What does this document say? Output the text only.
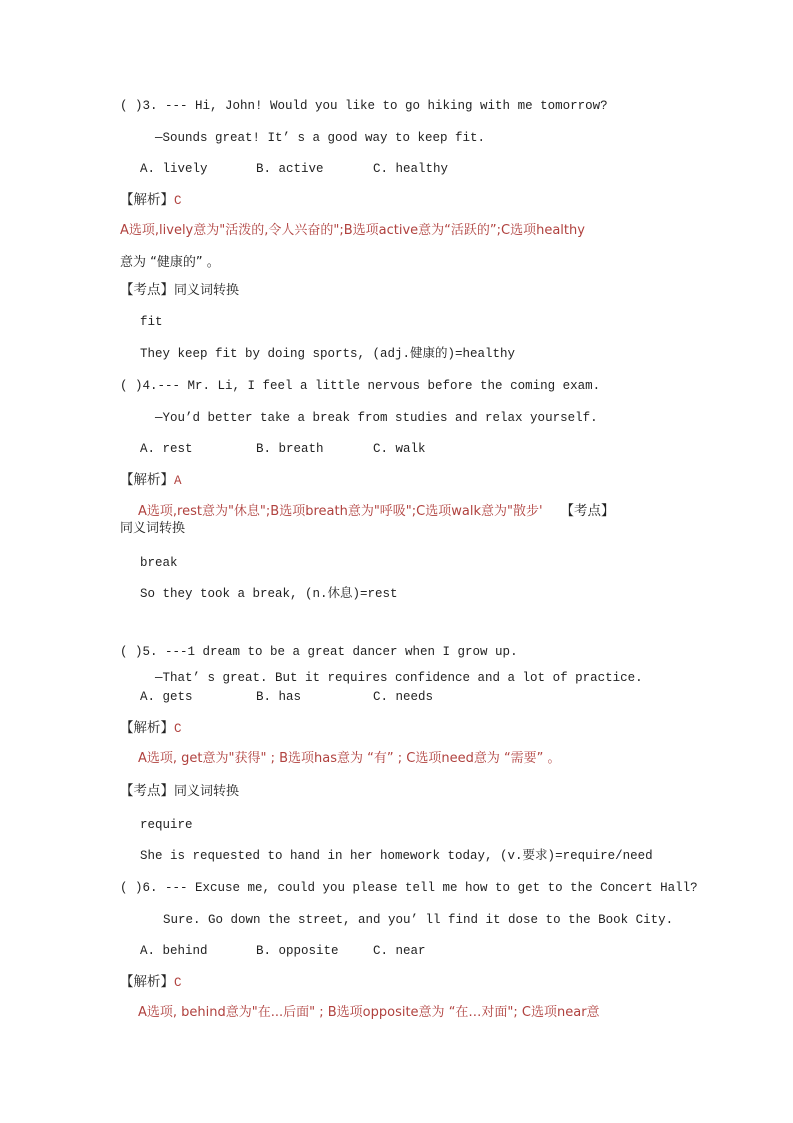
( )3. --- Hi, John! Would you like to go hiking with me tomorrow?
—Sounds great! It’ s a good way to keep fit.
A. lively	B. active	C. healthy
【解析】C
A选项,lively意为"活泼的,令人兴奋的";B选项active意为“活跃的”;C选项healthy
意为 “健康的” 。
【考点】同义词转换
fit
They keep fit by doing sports, (adj.健康的)=healthy
( )4.--- Mr. Li, I feel a little nervous before the coming exam.
—You’d better take a break from studies and relax yourself.
A. rest	B. breath	C. walk
【解析】A
A选项,rest意为"休息";B选项breath意为"呼吸";C选项walk意为"散步' 【考点】
同义词转换
break
So they took a break, (n.休息)=rest
( )5. ---1 dream to be a great dancer when I grow up.
—That’ s great. But it requires confidence and a lot of practice.
A. gets	B. has	C. needs
【解析】C
A选项, get意为"获得" ; B选项has意为 “有” ; C选项need意为 “需要” 。
【考点】同义词转换
require
She is requested to hand in her homework today, (v.要求)=require/need
( )6. --- Excuse me, could you please tell me how to get to the Concert Hall?
Sure. Go down the street, and you’ ll find it dose to the Book City.
A. behind	B. opposite	C. near
【解析】C
A选项, behind意为"在...后面" ; B选项opposite意为 “在…对面"; C选项near意
